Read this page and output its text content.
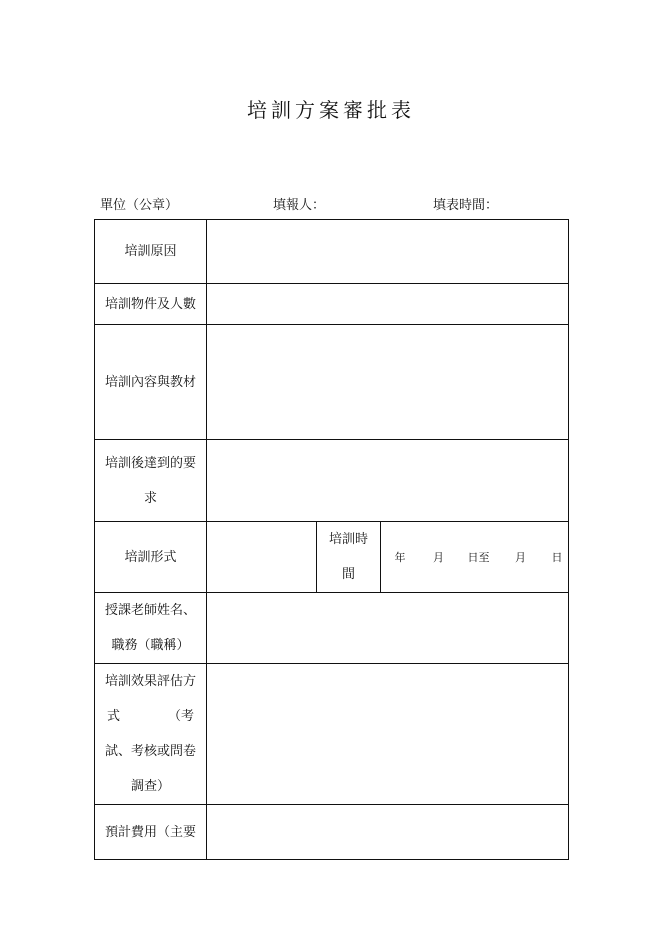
培訓方案審批表
單位（公章）	填報人：	填表時間：
培訓原因			
培訓物件及人數			
培訓內容與教材			

培訓後達到的要
求			

培訓形式		培訓時
間	年 月 日至 月 日

授課老師姓名、
職務（職稱）			

培訓效果評估方
式 （考
試、考核或問卷
調查）			

預計費用（主要			
